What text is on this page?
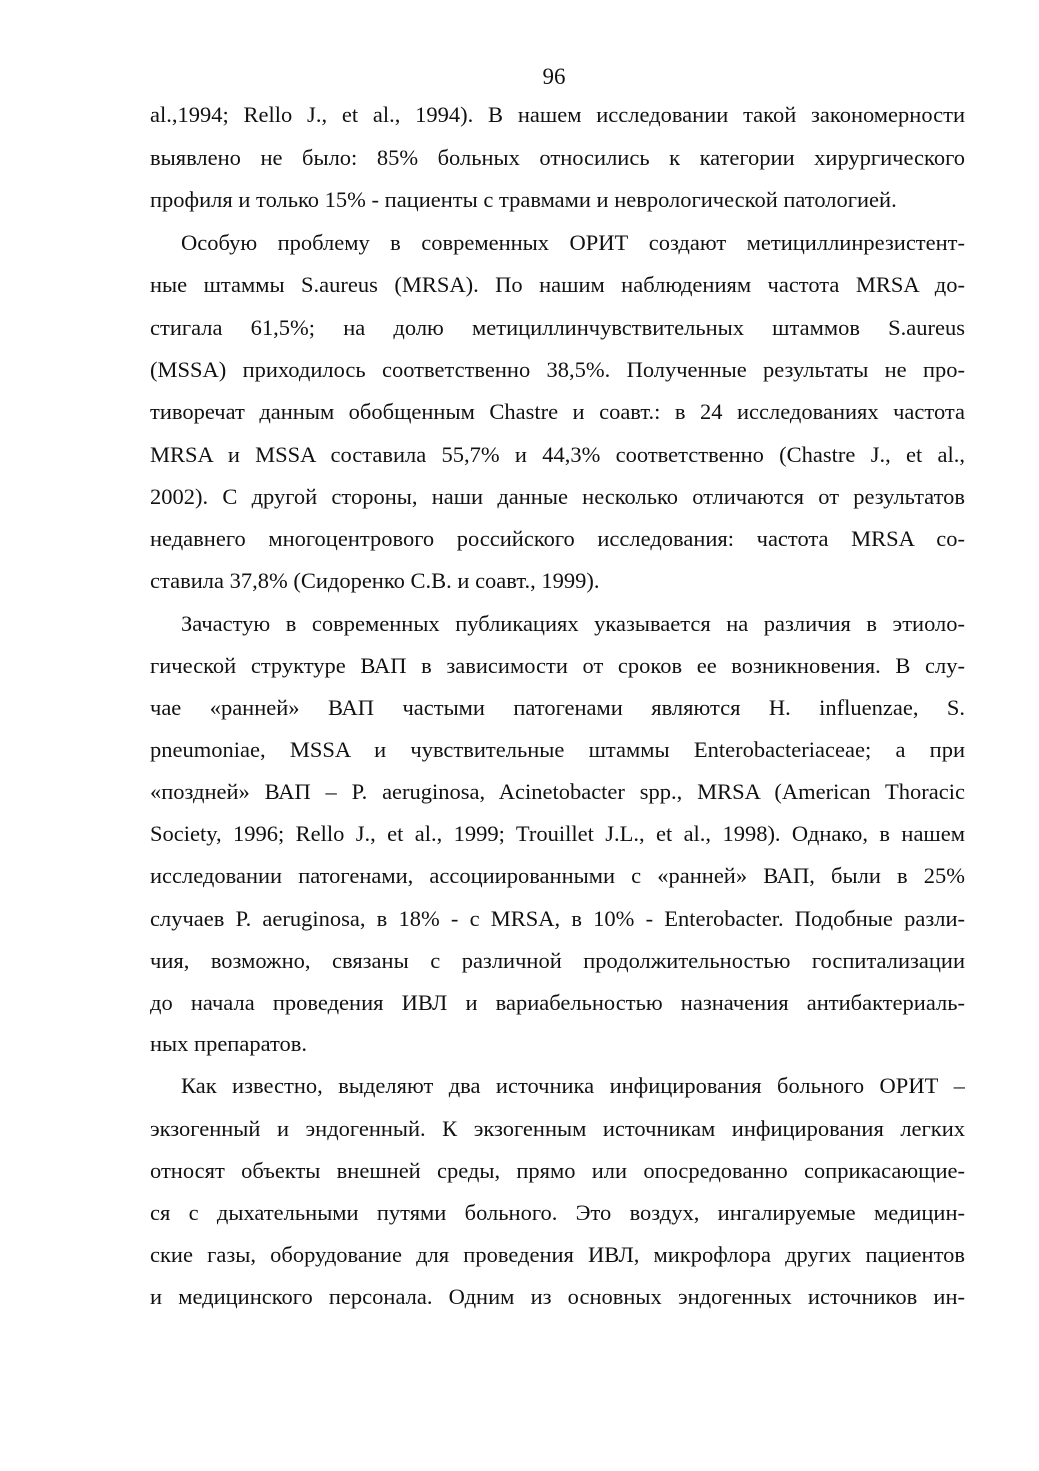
96
al.,1994; Rello J., et al., 1994). В нашем исследовании такой закономерности
выявлено не было: 85% больных относились к категории хирургического
профиля и только 15% - пациенты с травмами и неврологической патологией.
Особую проблему в современных ОРИТ создают метициллинрезистент-
ные штаммы S.aureus (MRSA). По нашим наблюдениям частота MRSA до-
стигала 61,5%; на долю метициллинчувствительных штаммов S.aureus
(MSSA) приходилось соответственно 38,5%. Полученные результаты не про-
тиворечат данным обобщенным Chastre и соавт.: в 24 исследованиях частота
MRSA и MSSA составила 55,7% и 44,3% соответственно (Chastre J., et al.,
2002). С другой стороны, наши данные несколько отличаются от результатов
недавнего многоцентрового российского исследования: частота MRSA со-
ставила 37,8% (Сидоренко С.В. и соавт., 1999).
Зачастую в современных публикациях указывается на различия в этиоло-
гической структуре ВАП в зависимости от сроков ее возникновения. В слу-
чае «ранней» ВАП частыми патогенами являются H. influenzae, S.
pneumoniae, MSSA и чувствительные штаммы Enterobacteriaceae; а при
«поздней» ВАП – P. aeruginosa, Acinetobacter spp., MRSA (American Thoracic
Society, 1996; Rello J., et al., 1999; Trouillet J.L., et al., 1998). Однако, в нашем
исследовании патогенами, ассоциированными с «ранней» ВАП, были в 25%
случаев P. aeruginosa, в 18% - с MRSA, в 10% - Enterobacter. Подобные разли-
чия, возможно, связаны с различной продолжительностью госпитализации
до начала проведения ИВЛ и вариабельностью назначения антибактериаль-
ных препаратов.
Как известно, выделяют два источника инфицирования больного ОРИТ –
экзогенный и эндогенный. К экзогенным источникам инфицирования легких
относят объекты внешней среды, прямо или опосредованно соприкасающие-
ся с дыхательными путями больного. Это воздух, ингалируемые медицин-
ские газы, оборудование для проведения ИВЛ, микрофлора других пациентов
и медицинского персонала. Одним из основных эндогенных источников ин-
